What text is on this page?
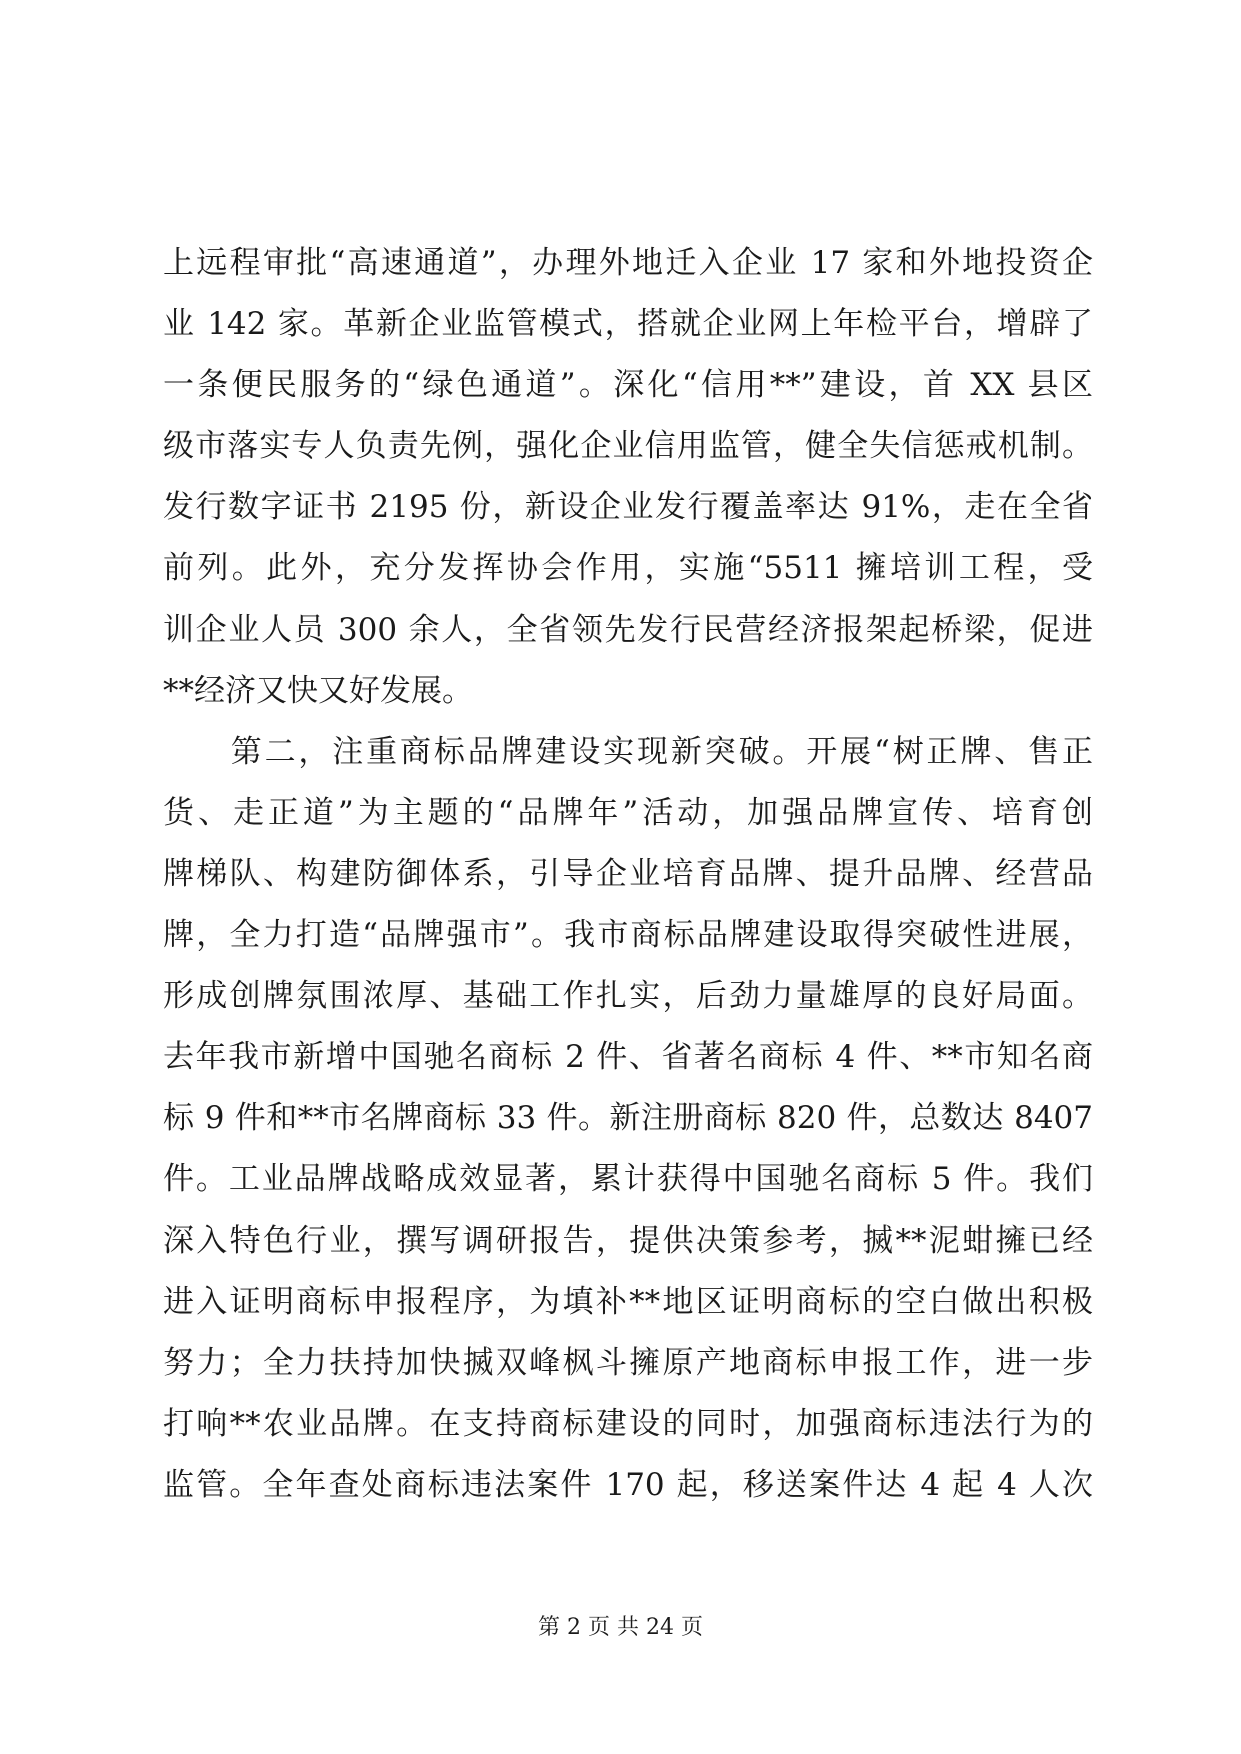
上远程审批“高速通道”，办理外地迁入企业 17 家和外地投资企
业 142 家。革新企业监管模式，搭就企业网上年检平台，增辟了
一条便民服务的“绿色通道”。深化“信用**”建设，首 XX 县区
级市落实专人负责先例，强化企业信用监管，健全失信惩戒机制。
发行数字证书 2195 份，新设企业发行覆盖率达 91%，走在全省
前列。此外，充分发挥协会作用，实施“5511 擁培训工程，受
训企业人员 300 余人，全省领先发行民营经济报架起桥梁，促进
**经济又快又好发展。
　　第二，注重商标品牌建设实现新突破。开展“树正牌、售正
货、走正道”为主题的“品牌年”活动，加强品牌宣传、培育创
牌梯队、构建防御体系，引导企业培育品牌、提升品牌、经营品
牌，全力打造“品牌强市”。我市商标品牌建设取得突破性进展，
形成创牌氛围浓厚、基础工作扎实，后劲力量雄厚的良好局面。
去年我市新增中国驰名商标 2 件、省著名商标 4 件、**市知名商
标 9 件和**市名牌商标 33 件。新注册商标 820 件，总数达 8407
件。工业品牌战略成效显著，累计获得中国驰名商标 5 件。我们
深入特色行业，撰写调研报告，提供决策参考，搣**泥蚶擁已经
进入证明商标申报程序，为填补**地区证明商标的空白做出积极
努力；全力扶持加快搣双峰枫斗擁原产地商标申报工作，进一步
打响**农业品牌。在支持商标建设的同时，加强商标违法行为的
监管。全年查处商标违法案件 170 起，移送案件达 4 起 4 人次
第 2 页 共 24 页
